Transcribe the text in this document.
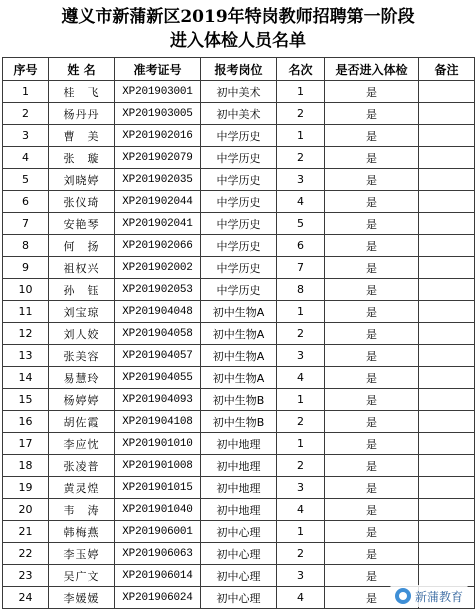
遵义市新蒲新区2019年特岗教师招聘第一阶段
进入体检人员名单
序号	姓 名	准考证号	报考岗位	名次	是否进入体检	备注
1	桂　飞	XP201903001	初中美术	1	是	
2	杨丹丹	XP201903005	初中美术	2	是	
3	曹　美	XP201902016	中学历史	1	是	
4	张　璇	XP201902079	中学历史	2	是	
5	刘晓婷	XP201902035	中学历史	3	是	
6	张仪琦	XP201902044	中学历史	4	是	
7	安艳琴	XP201902041	中学历史	5	是	
8	何　扬	XP201902066	中学历史	6	是	
9	祖权兴	XP201902002	中学历史	7	是	
10	孙　钰	XP201902053	中学历史	8	是	
11	刘宝琼	XP201904048	初中生物A	1	是	
12	刘人姣	XP201904058	初中生物A	2	是	
13	张美容	XP201904057	初中生物A	3	是	
14	易慧玲	XP201904055	初中生物A	4	是	
15	杨婷婷	XP201904093	初中生物B	1	是	
16	胡佐霞	XP201904108	初中生物B	2	是	
17	李应忱	XP201901010	初中地理	1	是	
18	张凌普	XP201901008	初中地理	2	是	
19	黄灵煌	XP201901015	初中地理	3	是	
20	韦　涛	XP201901040	初中地理	4	是	
21	韩梅燕	XP201906001	初中心理	1	是	
22	李玉婷	XP201906063	初中心理	2	是	
23	吴广文	XP201906014	初中心理	3	是	
24	李媛媛	XP201906024	初中心理	4	是		新蒲教育
